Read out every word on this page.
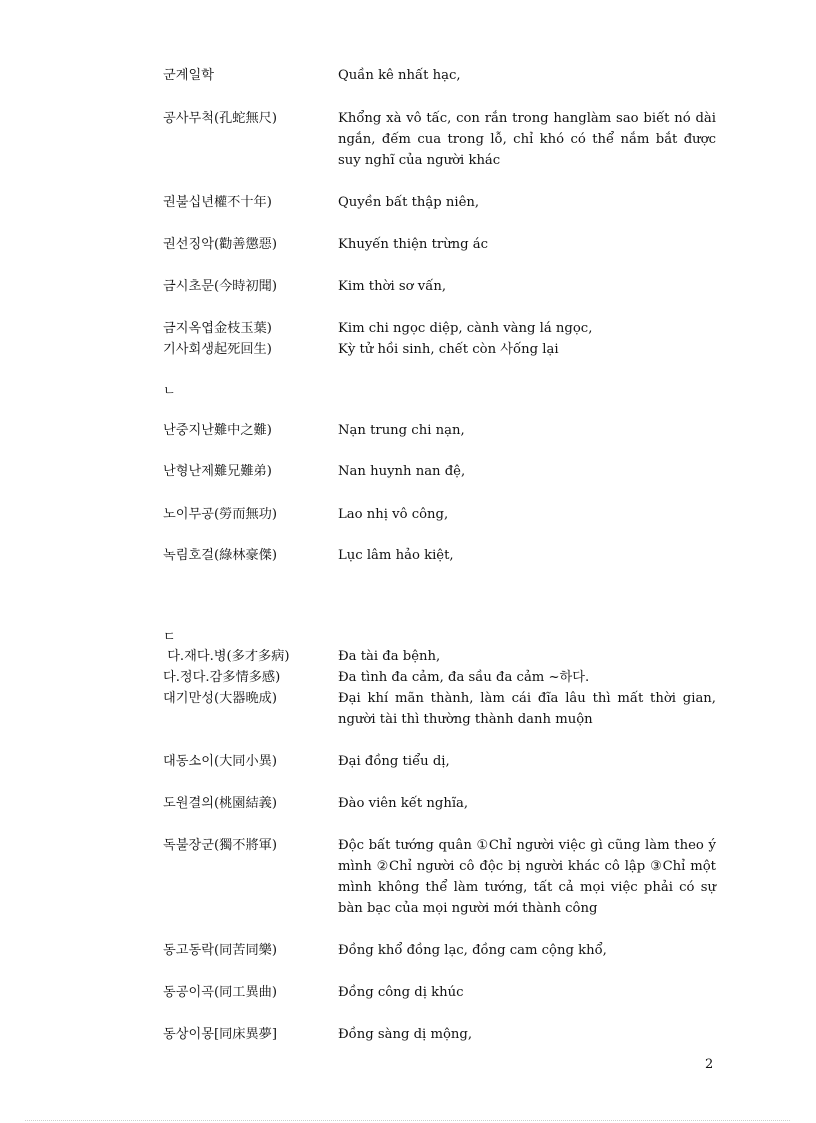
군계일학	Quần kê nhất hạc,
공사무척(孔蛇無尺)	Khổng xà vô tấc, con rắn trong hanglàm sao biết nó dài ngắn, đếm cua trong lỗ, chỉ khó có thể nắm bắt được suy nghĩ của người khác
권불십년權不十年)	Quyền bất thập niên,
권선징악(勸善懲惡)	Khuyến thiện trừng ác
금시초문(今時初聞)	Kim thời sơ vấn,
금지옥엽金枝玉葉)	Kim chi ngọc diệp, cành vàng lá ngọc,
기사회생起死回生)	Kỳ tử hồi sinh, chết còn 사ống lại
ㄴ
난중지난難中之難)	Nạn trung chi nạn,
난형난제難兄難弟)	Nan huynh nan đệ,
노이무공(勞而無功)	Lao nhị vô công,
녹림호걸(綠林豪傑)	Lục lâm hảo kiệt,
ㄷ
다.재다.병(多才多病)	Đa tài đa bệnh,
다.정다.감多情多感)	Đa tình đa cảm, đa sầu đa cảm ~하다.
대기만성(大器晩成)	Đại khí mãn thành, làm cái đĩa lâu thì mất thời gian, người tài thì thường thành danh muộn
대동소이(大同小異)	Đại đồng tiểu dị,
도원결의(桃園結義)	Đào viên kết nghĩa,
독불장군(獨不將軍)	Độc bất tướng quân ①Chỉ người việc gì cũng làm theo ý mình ②Chỉ người cô độc bị người khác cô lập ③Chỉ một mình không thể làm tướng, tất cả mọi việc phải có sự bàn bạc của mọi người mới thành công
동고동락(同苦同樂)	Đồng khổ đồng lạc, đồng cam cộng khổ,
동공이곡(同工異曲)	Đồng công dị khúc
동상이몽[同床異夢]	Đồng sàng dị mộng,
2
